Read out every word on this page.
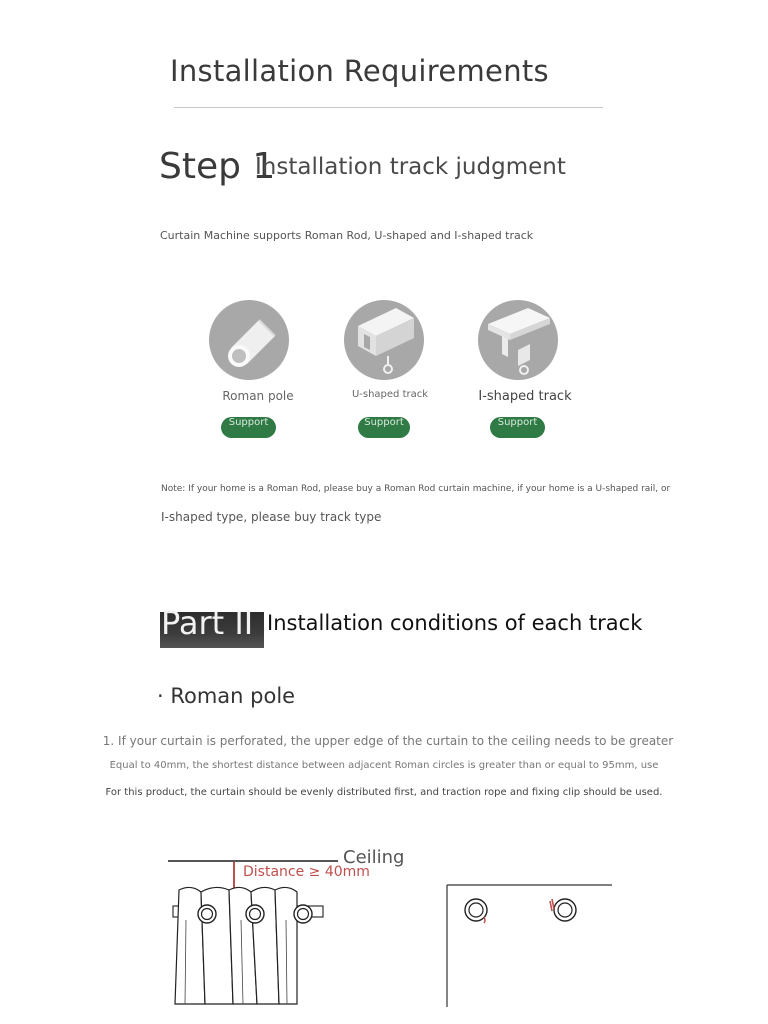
Installation Requirements
Step 1
Installation track judgment
Curtain Machine supports Roman Rod, U-shaped and I-shaped track
Roman pole
Support
U-shaped track
Support
I-shaped track
Support
Note: If your home is a Roman Rod, please buy a Roman Rod curtain machine, if your home is a U-shaped rail, or
I-shaped type, please buy track type
Part II Installation conditions of each track
· Roman pole
1. If your curtain is perforated, the upper edge of the curtain to the ceiling needs to be greater
Equal to 40mm, the shortest distance between adjacent Roman circles is greater than or equal to 95mm, use
For this product, the curtain should be evenly distributed first, and traction rope and fixing clip should be used.
Ceiling
Distance ≥ 40mm
